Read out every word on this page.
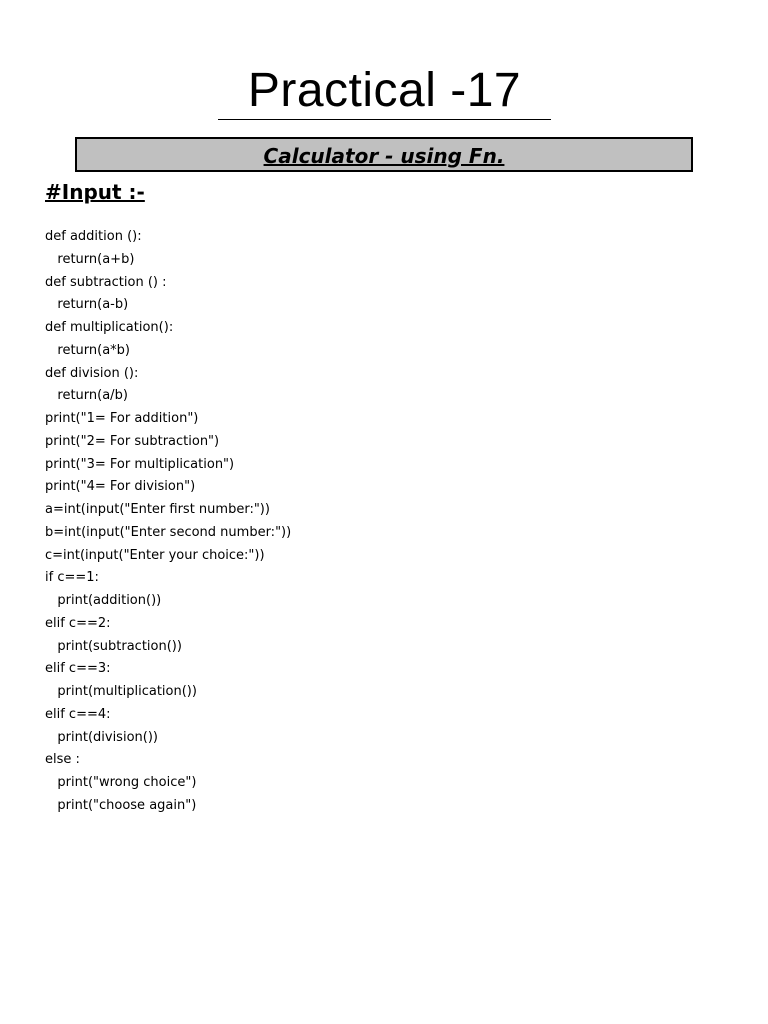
Practical -17
Calculator - using Fn.
#Input :-
def addition ():
return(a+b)
def subtraction () :
return(a-b)
def multiplication():
return(a*b)
def division ():
return(a/b)
print("1= For addition")
print("2= For subtraction")
print("3= For multiplication")
print("4= For division")
a=int(input("Enter first number:"))
b=int(input("Enter second number:"))
c=int(input("Enter your choice:"))
if c==1:
print(addition())
elif c==2:
print(subtraction())
elif c==3:
print(multiplication())
elif c==4:
print(division())
else :
print("wrong choice")
print("choose again")
